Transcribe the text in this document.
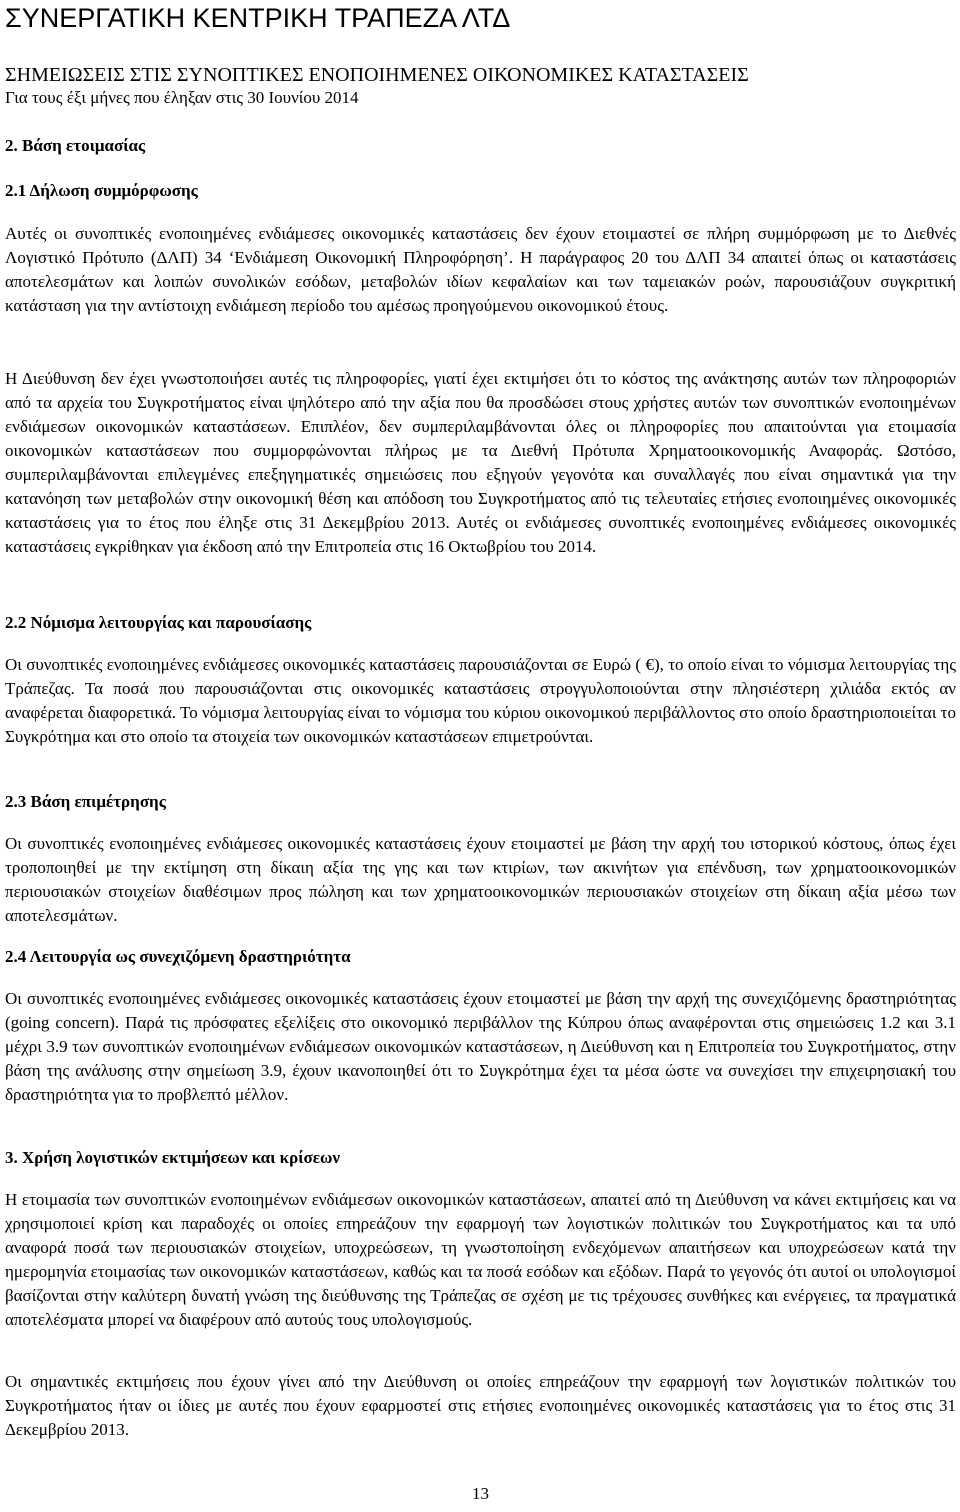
ΣΥΝΕΡΓΑΤΙΚΗ ΚΕΝΤΡΙΚΗ ΤΡΑΠΕΖΑ ΛΤΔ
ΣΗΜΕΙΩΣΕΙΣ ΣΤΙΣ ΣΥΝΟΠΤΙΚΕΣ ΕΝΟΠΟΙΗΜΕΝΕΣ ΟΙΚΟΝΟΜΙΚΕΣ ΚΑΤΑΣΤΑΣΕΙΣ
Για τους έξι μήνες που έληξαν στις 30 Ιουνίου 2014
2. Βάση ετοιμασίας
2.1 Δήλωση συμμόρφωσης
Αυτές οι συνοπτικές ενοποιημένες ενδιάμεσες οικονομικές καταστάσεις δεν έχουν ετοιμαστεί σε πλήρη συμμόρφωση με το Διεθνές Λογιστικό Πρότυπο (ΔΛΠ) 34 ‘Ενδιάμεση Οικονομική Πληροφόρηση’. Η παράγραφος 20 του ΔΛΠ 34 απαιτεί όπως οι καταστάσεις αποτελεσμάτων και λοιπών συνολικών εσόδων, μεταβολών ιδίων κεφαλαίων και των ταμειακών ροών, παρουσιάζουν συγκριτική κατάσταση για την αντίστοιχη ενδιάμεση περίοδο του αμέσως προηγούμενου οικονομικού έτους.
Η Διεύθυνση δεν έχει γνωστοποιήσει αυτές τις πληροφορίες, γιατί έχει εκτιμήσει ότι το κόστος της ανάκτησης αυτών των πληροφοριών από τα αρχεία του Συγκροτήματος είναι ψηλότερο από την αξία που θα προσδώσει στους χρήστες αυτών των συνοπτικών ενοποιημένων ενδιάμεσων οικονομικών καταστάσεων. Επιπλέον, δεν συμπεριλαμβάνονται όλες οι πληροφορίες που απαιτούνται για ετοιμασία οικονομικών καταστάσεων που συμμορφώνονται πλήρως με τα Διεθνή Πρότυπα Χρηματοοικονομικής Αναφοράς. Ωστόσο, συμπεριλαμβάνονται επιλεγμένες επεξηγηματικές σημειώσεις που εξηγούν γεγονότα και συναλλαγές που είναι σημαντικά για την κατανόηση των μεταβολών στην οικονομική θέση και απόδοση του Συγκροτήματος από τις τελευταίες ετήσιες ενοποιημένες οικονομικές καταστάσεις για το έτος που έληξε στις 31 Δεκεμβρίου 2013. Αυτές οι ενδιάμεσες συνοπτικές ενοποιημένες ενδιάμεσες οικονομικές καταστάσεις εγκρίθηκαν για έκδοση από την Επιτροπεία στις 16 Οκτωβρίου του 2014.
2.2 Νόμισμα λειτουργίας και παρουσίασης
Οι συνοπτικές ενοποιημένες ενδιάμεσες οικονομικές καταστάσεις παρουσιάζονται σε Ευρώ ( €), το οποίο είναι το νόμισμα λειτουργίας της Τράπεζας. Τα ποσά που παρουσιάζονται στις οικονομικές καταστάσεις στρογγυλοποιούνται στην πλησιέστερη χιλιάδα εκτός αν αναφέρεται διαφορετικά. Το νόμισμα λειτουργίας είναι το νόμισμα του κύριου οικονομικού περιβάλλοντος στο οποίο δραστηριοποιείται το Συγκρότημα και στο οποίο τα στοιχεία των οικονομικών καταστάσεων επιμετρούνται.
2.3 Βάση επιμέτρησης
Οι συνοπτικές ενοποιημένες ενδιάμεσες οικονομικές καταστάσεις έχουν ετοιμαστεί με βάση την αρχή του ιστορικού κόστους, όπως έχει τροποποιηθεί με την εκτίμηση στη δίκαιη αξία της γης και των κτιρίων, των ακινήτων για επένδυση, των χρηματοοικονομικών περιουσιακών στοιχείων διαθέσιμων προς πώληση και των χρηματοοικονομικών περιουσιακών στοιχείων στη δίκαιη αξία μέσω των αποτελεσμάτων.
2.4 Λειτουργία ως συνεχιζόμενη δραστηριότητα
Οι συνοπτικές ενοποιημένες ενδιάμεσες οικονομικές καταστάσεις έχουν ετοιμαστεί με βάση την αρχή της συνεχιζόμενης δραστηριότητας (going concern). Παρά τις πρόσφατες εξελίξεις στο οικονομικό περιβάλλον της Κύπρου όπως αναφέρονται στις σημειώσεις 1.2 και 3.1 μέχρι 3.9 των συνοπτικών ενοποιημένων ενδιάμεσων οικονομικών καταστάσεων, η Διεύθυνση και η Επιτροπεία του Συγκροτήματος, στην βάση της ανάλυσης στην σημείωση 3.9, έχουν ικανοποιηθεί ότι το Συγκρότημα έχει τα μέσα ώστε να συνεχίσει την επιχειρησιακή του δραστηριότητα για το προβλεπτό μέλλον.
3. Χρήση λογιστικών εκτιμήσεων και κρίσεων
Η ετοιμασία των συνοπτικών ενοποιημένων ενδιάμεσων οικονομικών καταστάσεων, απαιτεί από τη Διεύθυνση να κάνει εκτιμήσεις και να χρησιμοποιεί κρίση και παραδοχές οι οποίες επηρεάζουν την εφαρμογή των λογιστικών πολιτικών του Συγκροτήματος και τα υπό αναφορά ποσά των περιουσιακών στοιχείων, υποχρεώσεων, τη γνωστοποίηση ενδεχόμενων απαιτήσεων και υποχρεώσεων κατά την ημερομηνία ετοιμασίας των οικονομικών καταστάσεων, καθώς και τα ποσά εσόδων και εξόδων. Παρά το γεγονός ότι αυτοί οι υπολογισμοί βασίζονται στην καλύτερη δυνατή γνώση της διεύθυνσης της Τράπεζας σε σχέση με τις τρέχουσες συνθήκες και ενέργειες, τα πραγματικά αποτελέσματα μπορεί να διαφέρουν από αυτούς τους υπολογισμούς.
Οι σημαντικές εκτιμήσεις που έχουν γίνει από την Διεύθυνση οι οποίες επηρεάζουν την εφαρμογή των λογιστικών πολιτικών του Συγκροτήματος ήταν οι ίδιες με αυτές που έχουν εφαρμοστεί στις ετήσιες ενοποιημένες οικονομικές καταστάσεις για το έτος στις 31 Δεκεμβρίου 2013.
13
